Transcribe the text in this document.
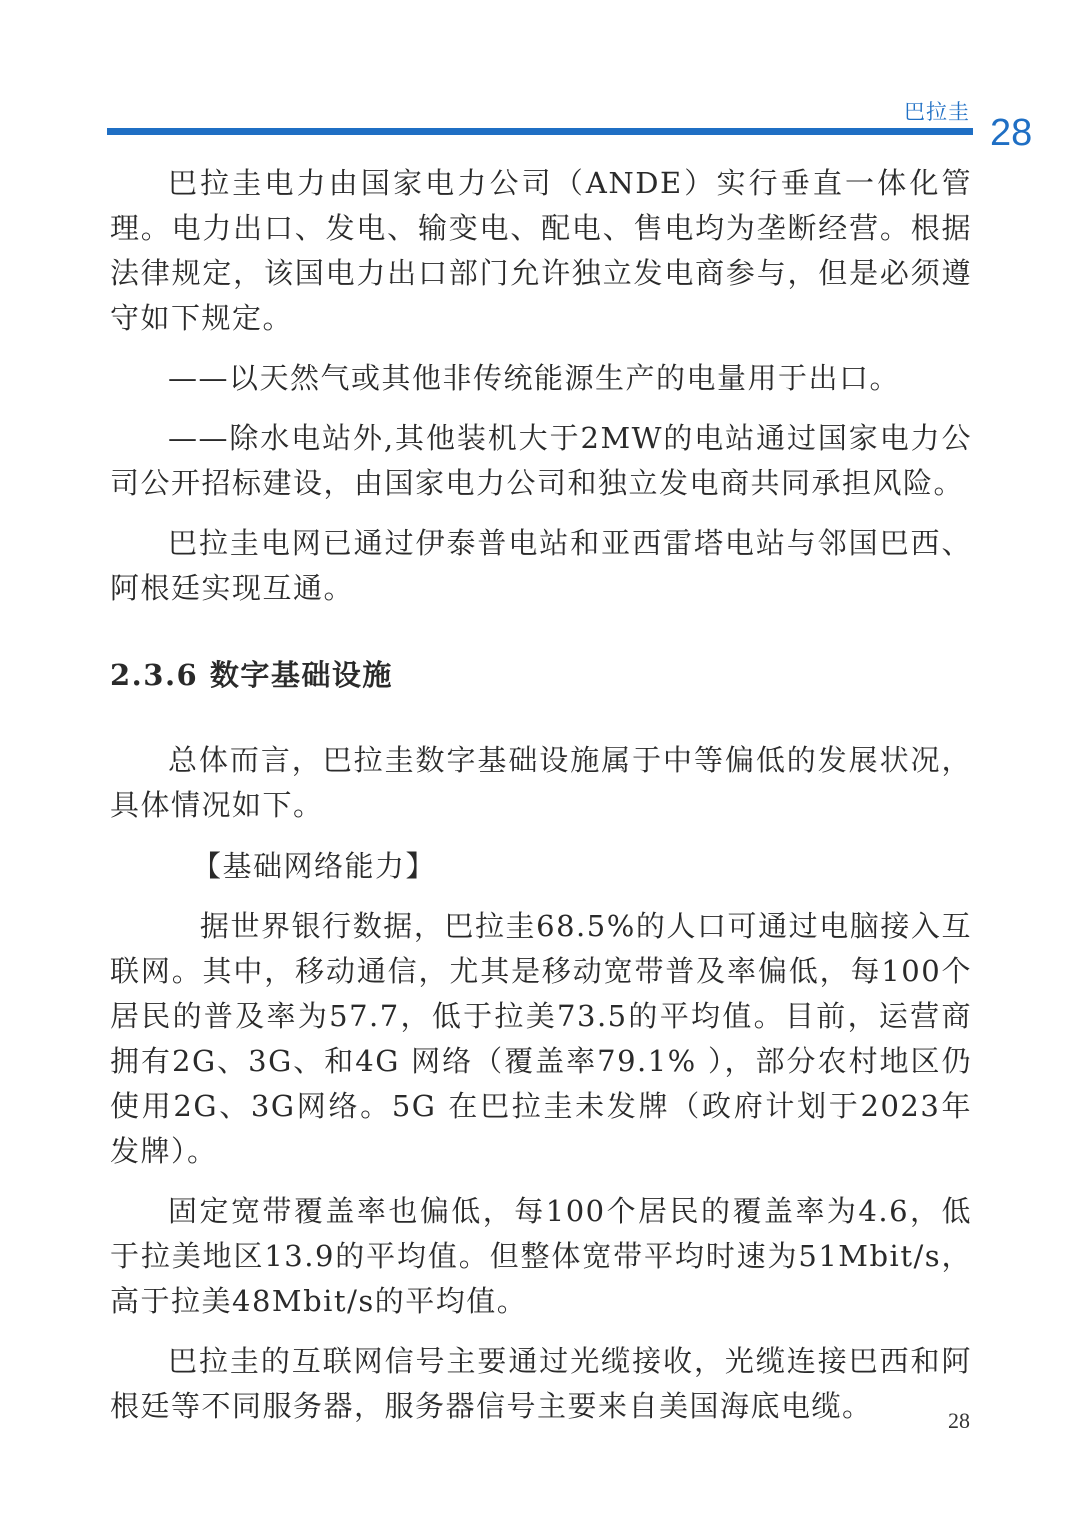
巴拉圭 28

巴拉圭电力由国家电力公司（ANDE）实行垂直一体化管理。电力出口、发电、输变电、配电、售电均为垄断经营。根据法律规定，该国电力出口部门允许独立发电商参与，但是必须遵守如下规定。

——以天然气或其他非传统能源生产的电量用于出口。

——除水电站外,其他装机大于2MW的电站通过国家电力公司公开招标建设，由国家电力公司和独立发电商共同承担风险。

巴拉圭电网已通过伊泰普电站和亚西雷塔电站与邻国巴西、阿根廷实现互通。

2.3.6 数字基础设施

总体而言，巴拉圭数字基础设施属于中等偏低的发展状况，具体情况如下。

【基础网络能力】

据世界银行数据，巴拉圭68.5%的人口可通过电脑接入互联网。其中，移动通信，尤其是移动宽带普及率偏低，每100个居民的普及率为57.7，低于拉美73.5的平均值。目前，运营商拥有2G、3G、和4G 网络（覆盖率79.1% ），部分农村地区仍使用2G、3G网络。5G 在巴拉圭未发牌（政府计划于2023年发牌）。

固定宽带覆盖率也偏低，每100个居民的覆盖率为4.6，低于拉美地区13.9的平均值。但整体宽带平均时速为51Mbit/s，高于拉美48Mbit/s的平均值。

巴拉圭的互联网信号主要通过光缆接收，光缆连接巴西和阿根廷等不同服务器，服务器信号主要来自美国海底电缆。	28
